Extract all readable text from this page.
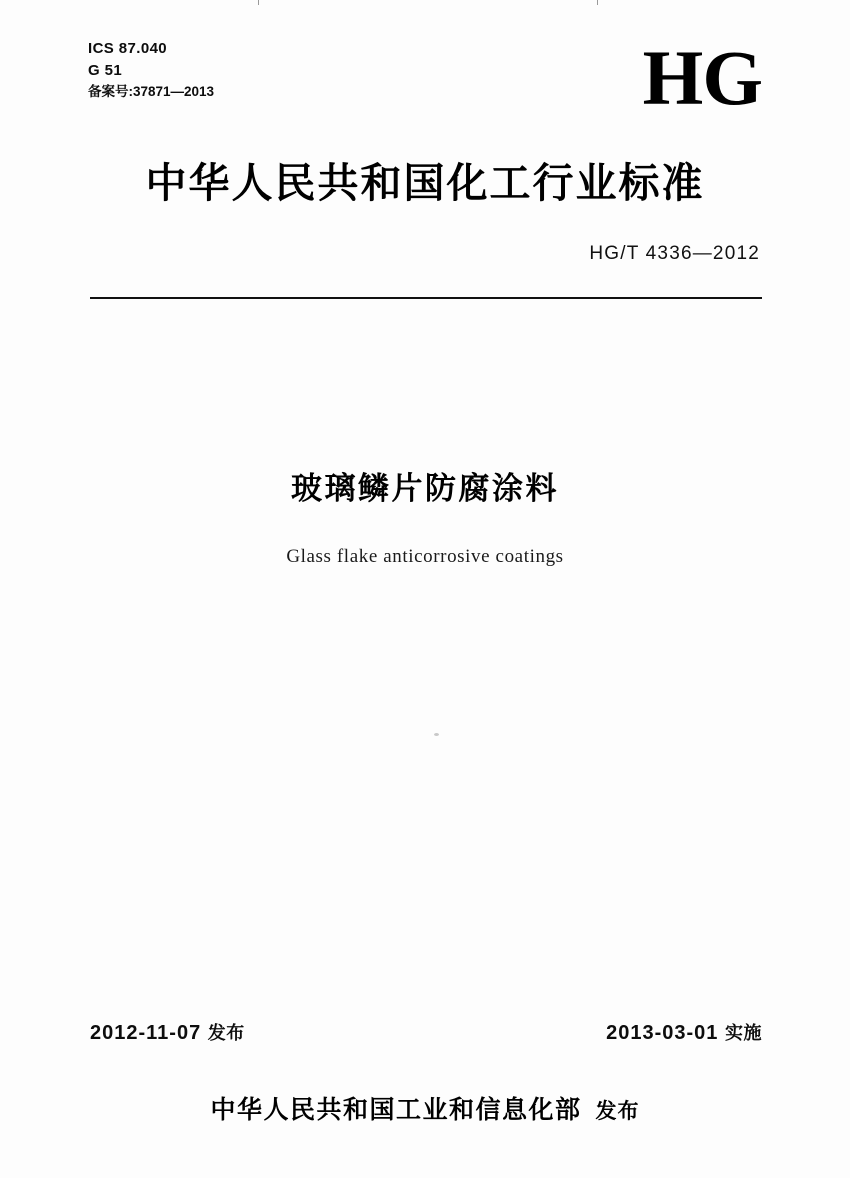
ICS 87.040
G 51
备案号:37871—2013	HG
中华人民共和国化工行业标准
HG/T 4336—2012
玻璃鳞片防腐涂料
Glass flake anticorrosive coatings
2012-11-07 发布	2013-03-01 实施
中华人民共和国工业和信息化部 发布
